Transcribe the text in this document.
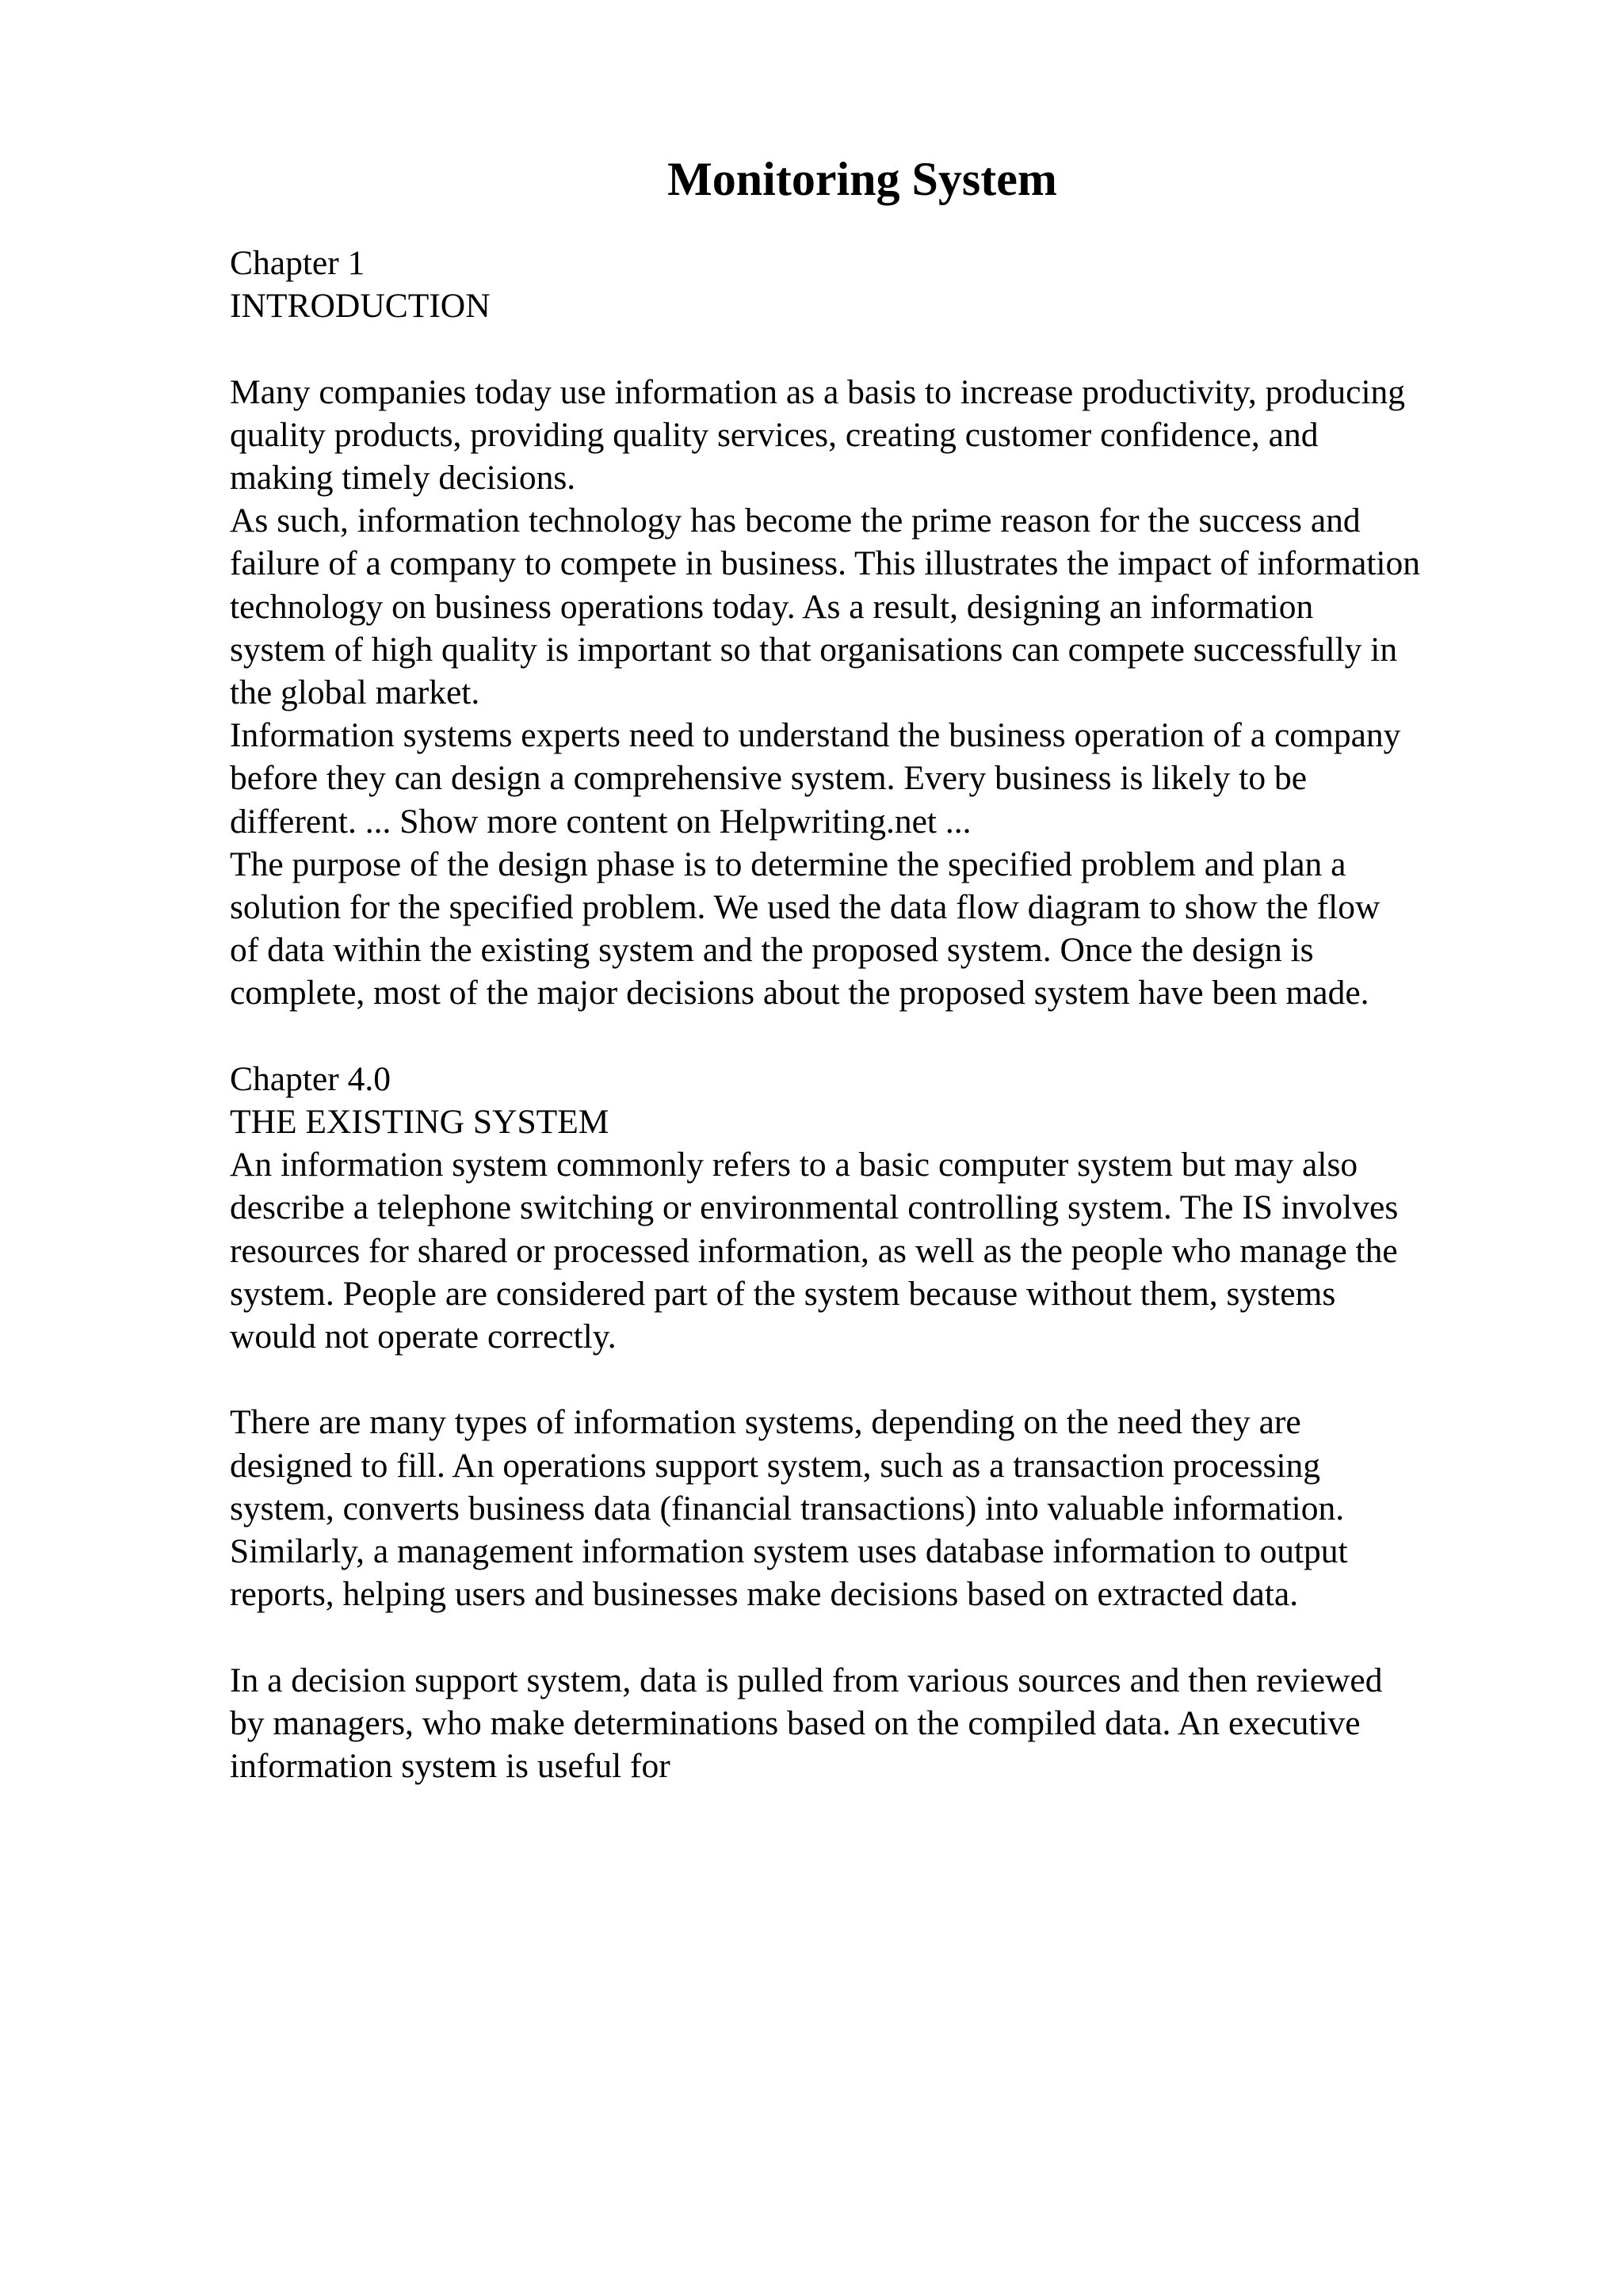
Monitoring System
Chapter 1
INTRODUCTION
Many companies today use information as a basis to increase productivity, producing
quality products, providing quality services, creating customer confidence, and
making timely decisions.
As such, information technology has become the prime reason for the success and
failure of a company to compete in business. This illustrates the impact of information
technology on business operations today. As a result, designing an information
system of high quality is important so that organisations can compete successfully in
the global market.
Information systems experts need to understand the business operation of a company
before they can design a comprehensive system. Every business is likely to be
different. ... Show more content on Helpwriting.net ...
The purpose of the design phase is to determine the specified problem and plan a
solution for the specified problem. We used the data flow diagram to show the flow
of data within the existing system and the proposed system. Once the design is
complete, most of the major decisions about the proposed system have been made.
Chapter 4.0
THE EXISTING SYSTEM
An information system commonly refers to a basic computer system but may also
describe a telephone switching or environmental controlling system. The IS involves
resources for shared or processed information, as well as the people who manage the
system. People are considered part of the system because without them, systems
would not operate correctly.
There are many types of information systems, depending on the need they are
designed to fill. An operations support system, such as a transaction processing
system, converts business data (financial transactions) into valuable information.
Similarly, a management information system uses database information to output
reports, helping users and businesses make decisions based on extracted data.
In a decision support system, data is pulled from various sources and then reviewed
by managers, who make determinations based on the compiled data. An executive
information system is useful for
